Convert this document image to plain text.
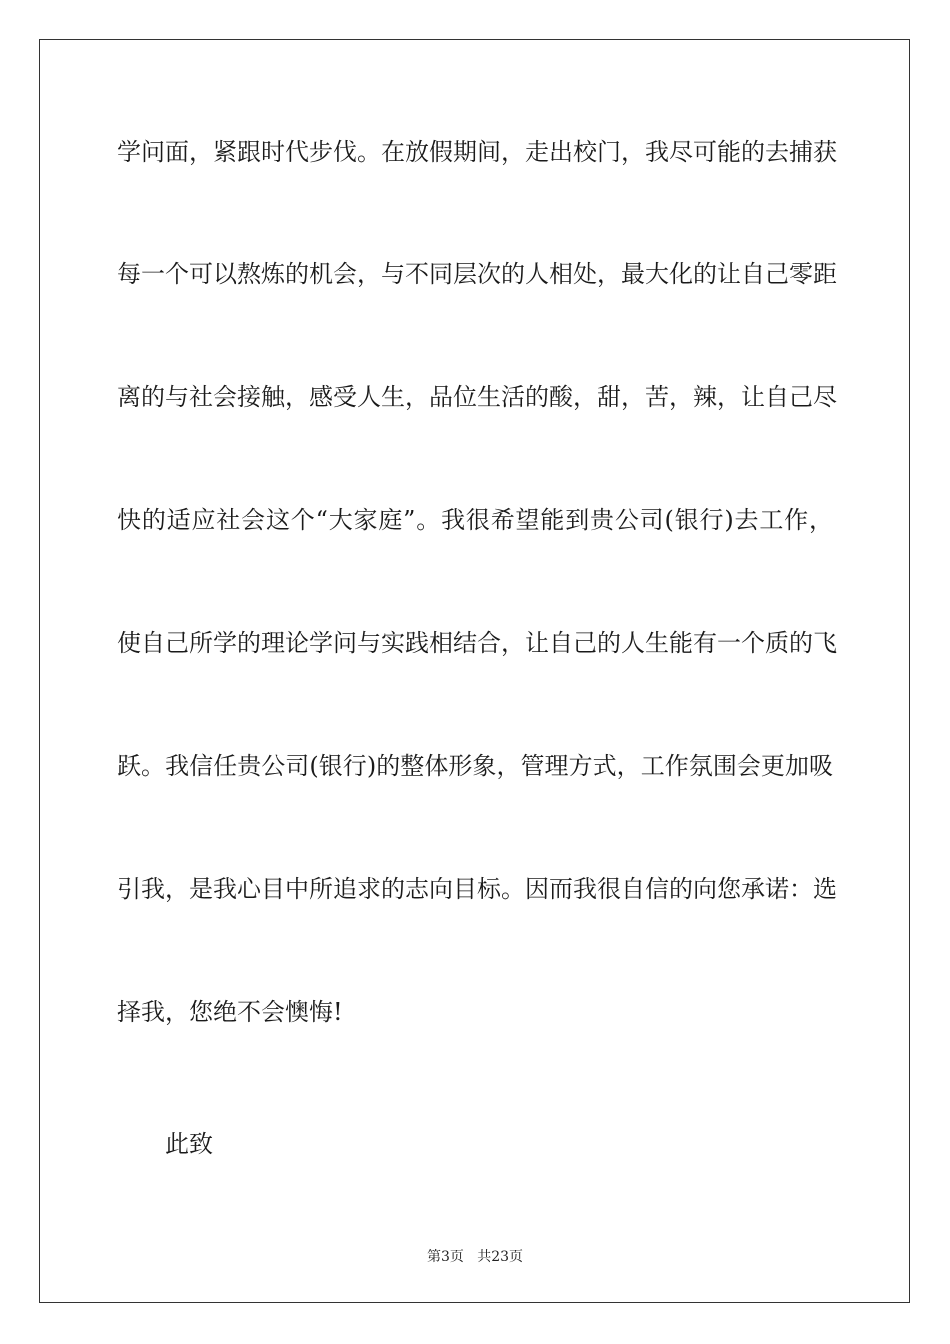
学问面，紧跟时代步伐。在放假期间，走出校门，我尽可能的去捕获
每一个可以熬炼的机会，与不同层次的人相处，最大化的让自己零距
离的与社会接触，感受人生，品位生活的酸，甜，苦，辣，让自己尽
快的适应社会这个“大家庭”。我很希望能到贵公司(银行)去工作，
使自己所学的理论学问与实践相结合，让自己的人生能有一个质的飞
跃。我信任贵公司(银行)的整体形象，管理方式，工作氛围会更加吸
引我，是我心目中所追求的志向目标。因而我很自信的向您承诺：选
择我，您绝不会懊悔!
此致
第3页   共23页
